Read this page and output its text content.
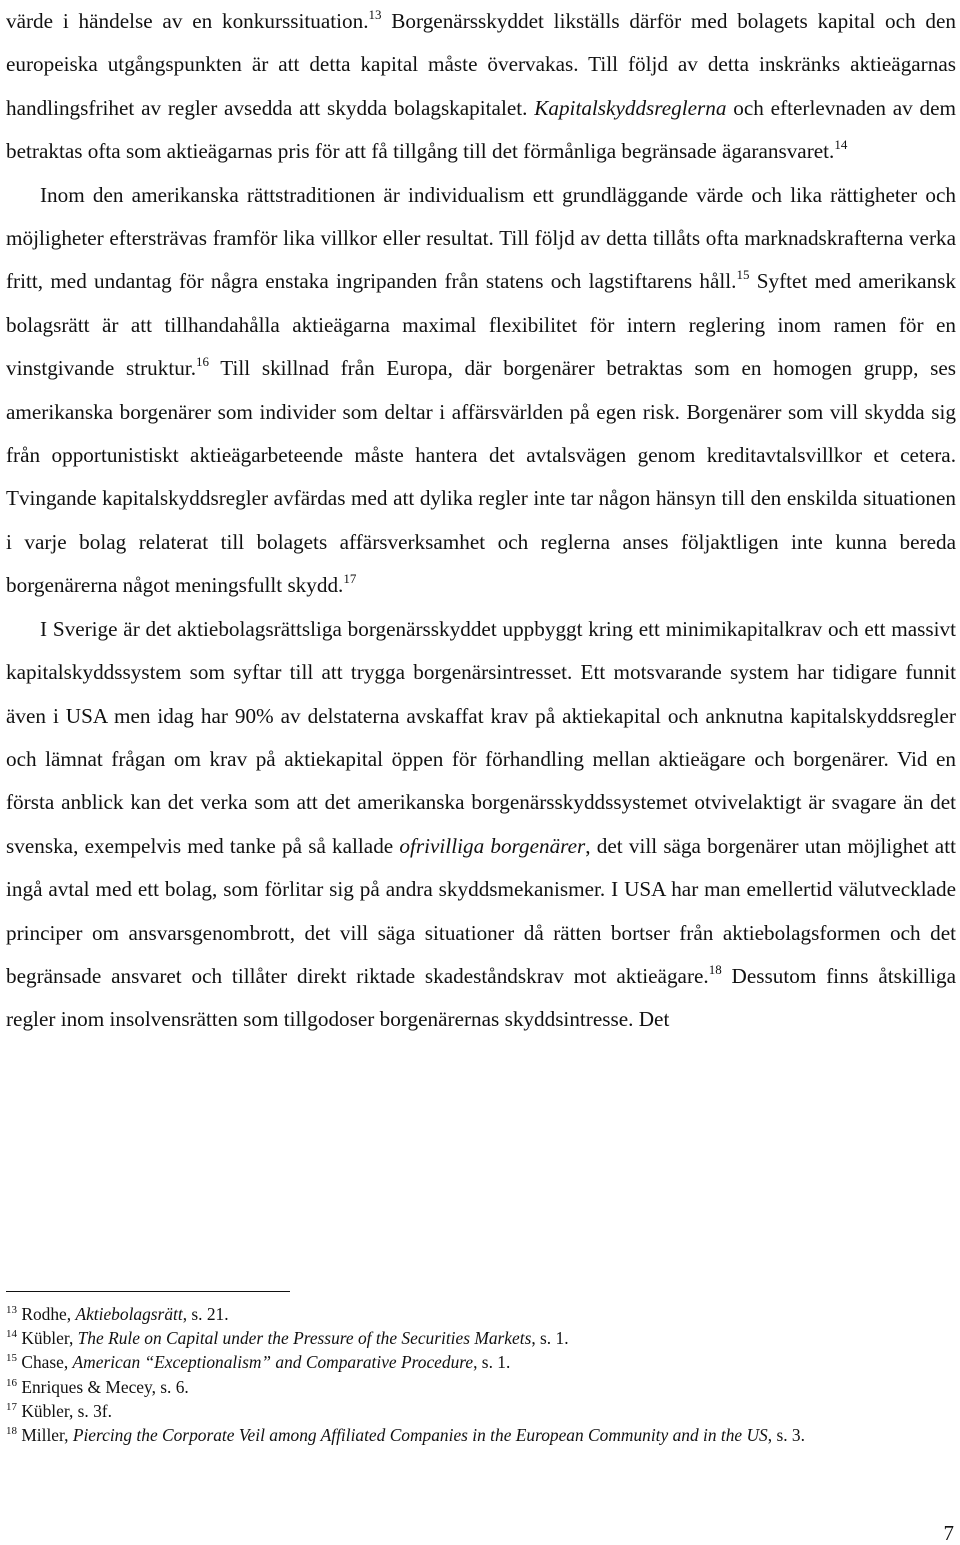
värde i händelse av en konkurssituation.$^{13}$ Borgenärsskyddet likställs därför med bolagets kapital och den europeiska utgångspunkten är att detta kapital måste övervakas. Till följd av detta inskränks aktieägarnas handlingsfrihet av regler avsedda att skydda bolagskapitalet. Kapitalskyddsreglerna och efterlevnaden av dem betraktas ofta som aktieägarnas pris för att få tillgång till det förmånliga begränsade ägaransvaret.$^{14}$

Inom den amerikanska rättstraditionen är individualism ett grundläggande värde och lika rättigheter och möjligheter eftersträvas framför lika villkor eller resultat. Till följd av detta tillåts ofta marknadskrafterna verka fritt, med undantag för några enstaka ingripanden från statens och lagstiftarens håll.$^{15}$ Syftet med amerikansk bolagsrätt är att tillhandahålla aktieägarna maximal flexibilitet för intern reglering inom ramen för en vinstgivande struktur.$^{16}$ Till skillnad från Europa, där borgenärer betraktas som en homogen grupp, ses amerikanska borgenärer som individer som deltar i affärsvärlden på egen risk. Borgenärer som vill skydda sig från opportunistiskt aktieägarbeteende måste hantera det avtalsvägen genom kreditavtalsvillkor et cetera. Tvingande kapitalskyddsregler avfärdas med att dylika regler inte tar någon hänsyn till den enskilda situationen i varje bolag relaterat till bolagets affärsverksamhet och reglerna anses följaktligen inte kunna bereda borgenärerna något meningsfullt skydd.$^{17}$

I Sverige är det aktiebolagsrättsliga borgenärsskyddet uppbyggt kring ett minimikapitalkrav och ett massivt kapitalskyddssystem som syftar till att trygga borgenärsintresset. Ett motsvarande system har tidigare funnit även i USA men idag har 90% av delstaterna avskaffat krav på aktiekapital och anknutna kapitalskyddsregler och lämnat frågan om krav på aktiekapital öppen för förhandling mellan aktieägare och borgenärer. Vid en första anblick kan det verka som att det amerikanska borgenärsskyddssystemet otvivelaktigt är svagare än det svenska, exempelvis med tanke på så kallade ofrivilliga borgenärer, det vill säga borgenärer utan möjlighet att ingå avtal med ett bolag, som förlitar sig på andra skyddsmekanismer. I USA har man emellertid välutvecklade principer om ansvarsgenombrott, det vill säga situationer då rätten bortser från aktiebolagsformen och det begränsade ansvaret och tillåter direkt riktade skadeståndskrav mot aktieägare.$^{18}$ Dessutom finns åtskilliga regler inom insolvensrätten som tillgodoser borgenärernas skyddsintresse. Det

$^{13}$ Rodhe, Aktiebolagsrätt, s. 21.
$^{14}$ Kübler, The Rule on Capital under the Pressure of the Securities Markets, s. 1.
$^{15}$ Chase, American “Exceptionalism” and Comparative Procedure, s. 1.
$^{16}$ Enriques & Mecey, s. 6.
$^{17}$ Kübler, s. 3f.
$^{18}$ Miller, Piercing the Corporate Veil among Affiliated Companies in the European Community and in the US, s. 3.
7
